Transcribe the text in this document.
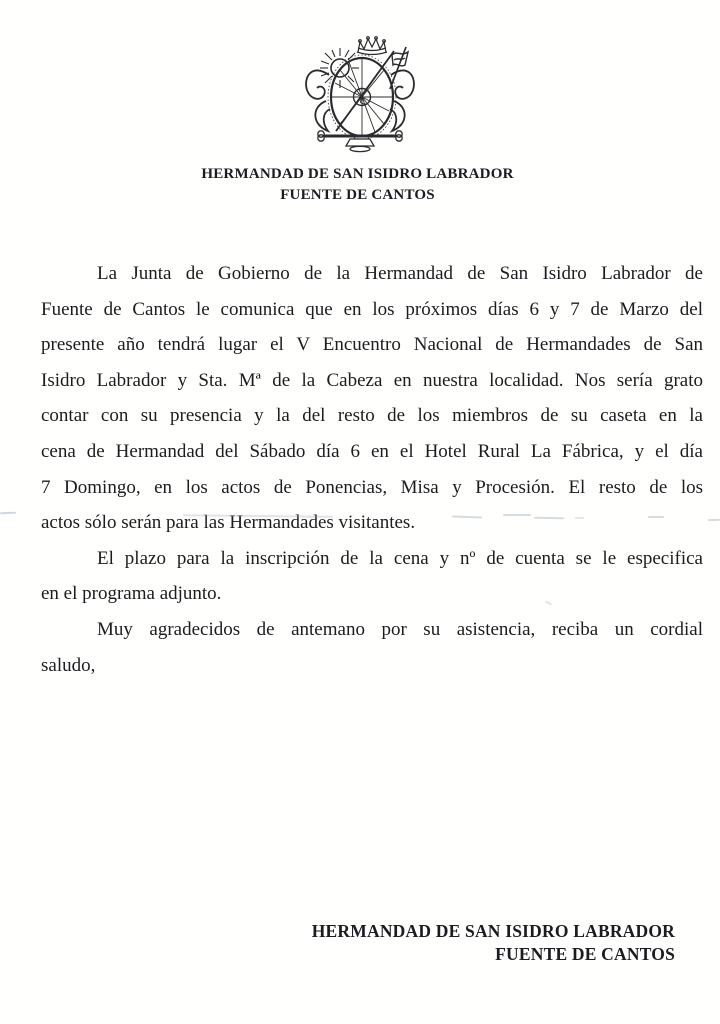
HERMANDAD DE SAN ISIDRO LABRADOR
FUENTE DE CANTOS
La Junta de Gobierno de la Hermandad de San Isidro Labrador de
Fuente de Cantos le comunica que en los próximos días 6 y 7 de Marzo del
presente año tendrá lugar el V Encuentro Nacional de Hermandades de San
Isidro Labrador y Sta. Mª de la Cabeza en nuestra localidad. Nos sería grato
contar con su presencia y la del resto de los miembros de su caseta en la
cena de Hermandad del Sábado día 6 en el Hotel Rural La Fábrica, y el día
7 Domingo, en los actos de Ponencias, Misa y Procesión. El resto de los
actos sólo serán para las Hermandades visitantes.
El plazo para la inscripción de la cena y nº de cuenta se le especifica
en el programa adjunto.
Muy agradecidos de antemano por su asistencia, reciba un cordial
saludo,
HERMANDAD DE SAN ISIDRO LABRADOR
FUENTE DE CANTOS
